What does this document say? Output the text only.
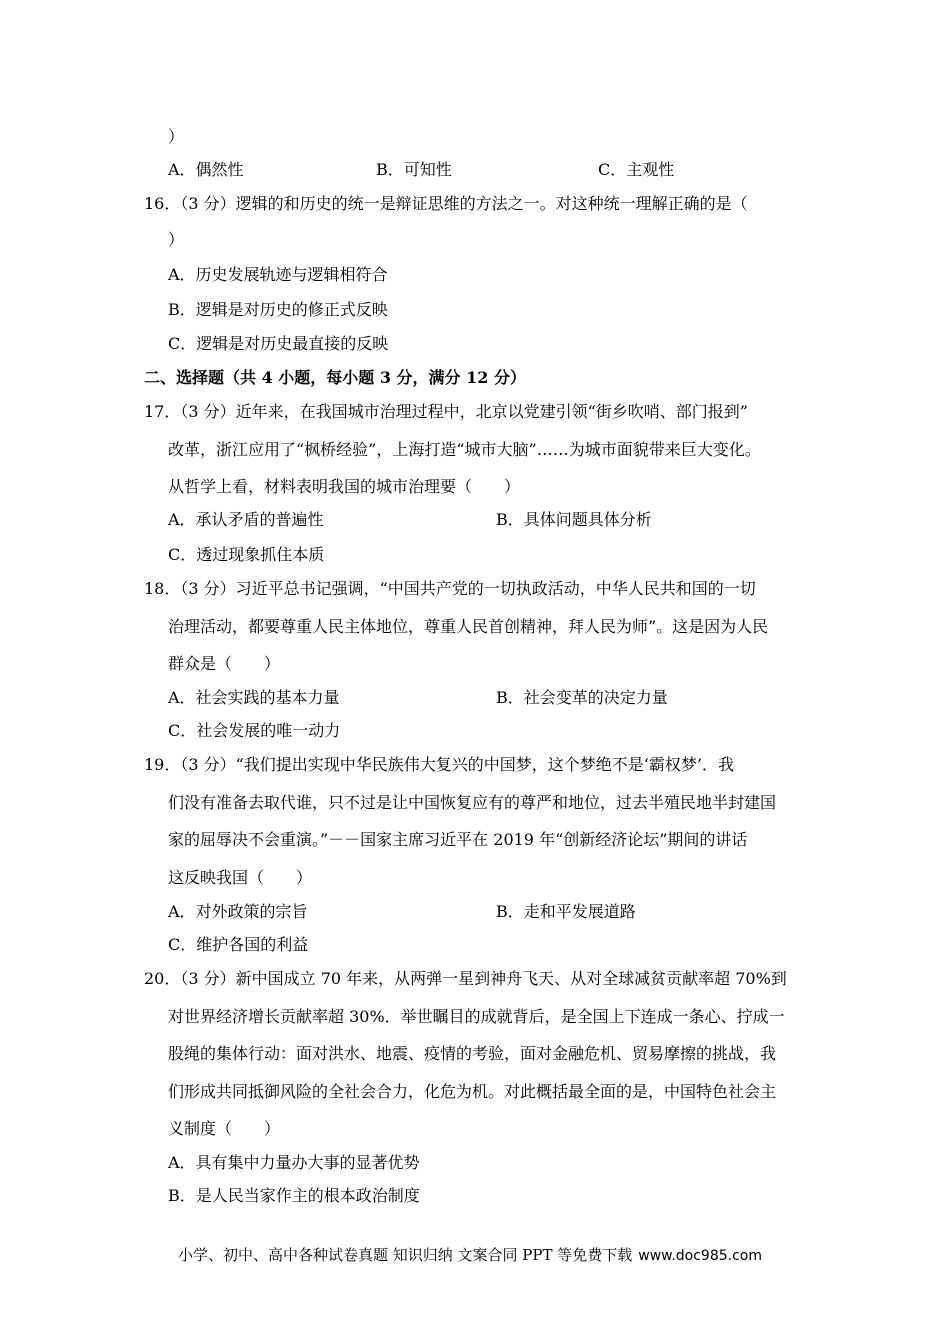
）
A．偶然性	B．可知性	C．主观性
16．（3 分）逻辑的和历史的统一是辩证思维的方法之一。对这种统一理解正确的是（
）
A．历史发展轨迹与逻辑相符合
B．逻辑是对历史的修正式反映
C．逻辑是对历史最直接的反映
二、选择题（共 4 小题，每小题 3 分，满分 12 分）
17．（3 分）近年来，在我国城市治理过程中，北京以党建引领“街乡吹哨、部门报到”
改革，浙江应用了“枫桥经验”，上海打造“城市大脑”……为城市面貌带来巨大变化。
从哲学上看，材料表明我国的城市治理要（　　）
A．承认矛盾的普遍性	B．具体问题具体分析
C．透过现象抓住本质
18．（3 分）习近平总书记强调，“中国共产党的一切执政活动，中华人民共和国的一切
治理活动，都要尊重人民主体地位，尊重人民首创精神，拜人民为师”。这是因为人民
群众是（　　）
A．社会实践的基本力量	B．社会变革的决定力量
C．社会发展的唯一动力
19．（3 分）“我们提出实现中华民族伟大复兴的中国梦，这个梦绝不是‘霸权梦’．我
们没有准备去取代谁，只不过是让中国恢复应有的尊严和地位，过去半殖民地半封建国
家的屈辱决不会重演。”－－国家主席习近平在 2019 年“创新经济论坛”期间的讲话
这反映我国（　　）
A．对外政策的宗旨	B．走和平发展道路
C．维护各国的利益
20．（3 分）新中国成立 70 年来，从两弹一星到神舟飞天、从对全球减贫贡献率超 70%到
对世界经济增长贡献率超 30%．举世瞩目的成就背后，是全国上下连成一条心、拧成一
股绳的集体行动：面对洪水、地震、疫情的考验，面对金融危机、贸易摩擦的挑战，我
们形成共同抵御风险的全社会合力，化危为机。对此概括最全面的是，中国特色社会主
义制度（　　）
A．具有集中力量办大事的显著优势
B．是人民当家作主的根本政治制度
小学、初中、高中各种试卷真题 知识归纳 文案合同 PPT 等免费下载 www.doc985.com
